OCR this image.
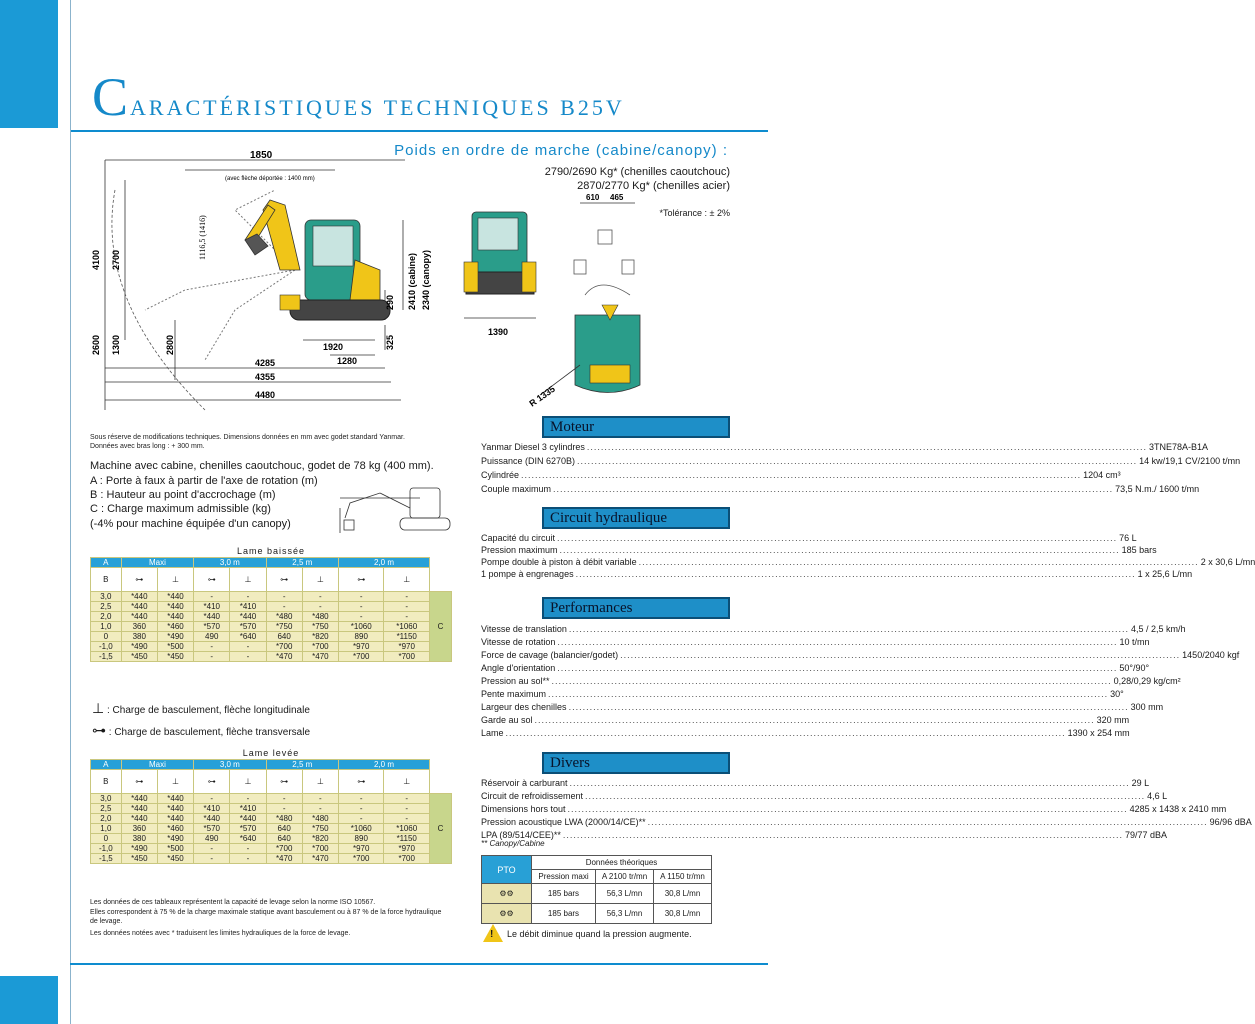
CARACTÉRISTIQUES TECHNIQUES B25V
Poids en ordre de marche (cabine/canopy) :
2790/2690 Kg* (chenilles caoutchouc)
2870/2770 Kg* (chenilles acier)
*Tolérance : ± 2%
1850
(avec flèche déportée : 1400 mm)
1116,5 (1416)
4100 2700
2600 1300	2800
2410 (cabine) 2340 (canopy)
290
325
1920
1280
4285
4355
4480
1390
610 465
R 1335
Sous réserve de modifications techniques. Dimensions données en mm avec godet standard Yanmar. Données avec bras long : + 300 mm.
Machine avec cabine, chenilles caoutchouc, godet de 78 kg (400 mm).
A : Porte à faux à partir de l'axe de rotation (m)
B : Hauteur au point d'accrochage (m)
C : Charge maximum admissible (kg)
(-4% pour machine équipée d'un canopy)
Lame baissée									
A	Maxi		3,0 m		2,5 m		2,0 m		
B	⊶	⊥	⊶	⊥	⊶	⊥	⊶	⊥	
3,0	*440	*440	-	-	-	-	-	-	C
2,5	*440	*440	*410	*410	-	-	-	-	
2,0	*440	*440	*440	*440	*480	*480	-	-	
1,0	360	*460	*570	*570	*750	*750	*1060	*1060	
0	380	*490	490	*640	640	*820	890	*1150	
-1,0	*490	*500	-	-	*700	*700	*970	*970	
-1,5	*450	*450	-	-	*470	*470	*700	*700	
⊥ : Charge de basculement, flèche longitudinale
⊶ : Charge de basculement, flèche transversale
Lame levée									
A	Maxi		3,0 m		2,5 m		2,0 m		
B	⊶	⊥	⊶	⊥	⊶	⊥	⊶	⊥	
3,0	*440	*440	-	-	-	-	-	-	C
2,5	*440	*440	*410	*410	-	-	-	-	
2,0	*440	*440	*440	*440	*480	*480	-	-	
1,0	360	*460	*570	*570	640	*750	*1060	*1060	
0	380	*490	490	*640	640	*820	890	*1150	
-1,0	*490	*500	-	-	*700	*700	*970	*970	
-1,5	*450	*450	-	-	*470	*470	*700	*700	
Les données de ces tableaux représentent la capacité de levage selon la norme ISO 10567.
Elles correspondent à 75 % de la charge maximale statique avant basculement ou à 87 % de la force hydraulique de levage.
Les données notées avec * traduisent les limites hydrauliques de la force de levage.
Moteur
Yanmar Diesel 3 cylindres .....	3TNE78A-B1A
Puissance (DIN 6270B) .....	14 kw/19,1 CV/2100 t/mn
Cylindrée .....	1204 cm³
Couple maximum .....	73,5 N.m./ 1600 t/mn
Circuit hydraulique
Capacité du circuit .....	76 L
Pression maximum .....	185 bars
Pompe double à piston à débit variable .....	2 x 30,6 L/mn
1 pompe à engrenages .....	1 x 25,6 L/mn
Performances
Vitesse de translation .....	4,5 / 2,5 km/h
Vitesse de rotation .....	10 t/mn
Force de cavage (balancier/godet) .....	1450/2040 kgf
Angle d'orientation .....	50°/90°
Pression au sol** .....	0,28/0,29 kg/cm²
Pente maximum .....	30°
Largeur des chenilles .....	300 mm
Garde au sol .....	320 mm
Lame .....	1390 x 254 mm
Divers
Réservoir à carburant .....	29 L
Circuit de refroidissement .....	4,6 L
Dimensions hors tout .....	4285 x 1438 x 2410 mm
Pression acoustique LWA (2000/14/CE)** .....	96/96 dBA
LPA (89/514/CEE)** .....	79/77 dBA
** Canopy/Cabine
PTO	Données théoriques		
	Pression maxi	A 2100 tr/mn	A 1150 tr/mn
⚙⚙	185 bars	56,3 L/mn	30,8 L/mn
⚙⚙	185 bars	56,3 L/mn	30,8 L/mn
! Le débit diminue quand la pression augmente.
